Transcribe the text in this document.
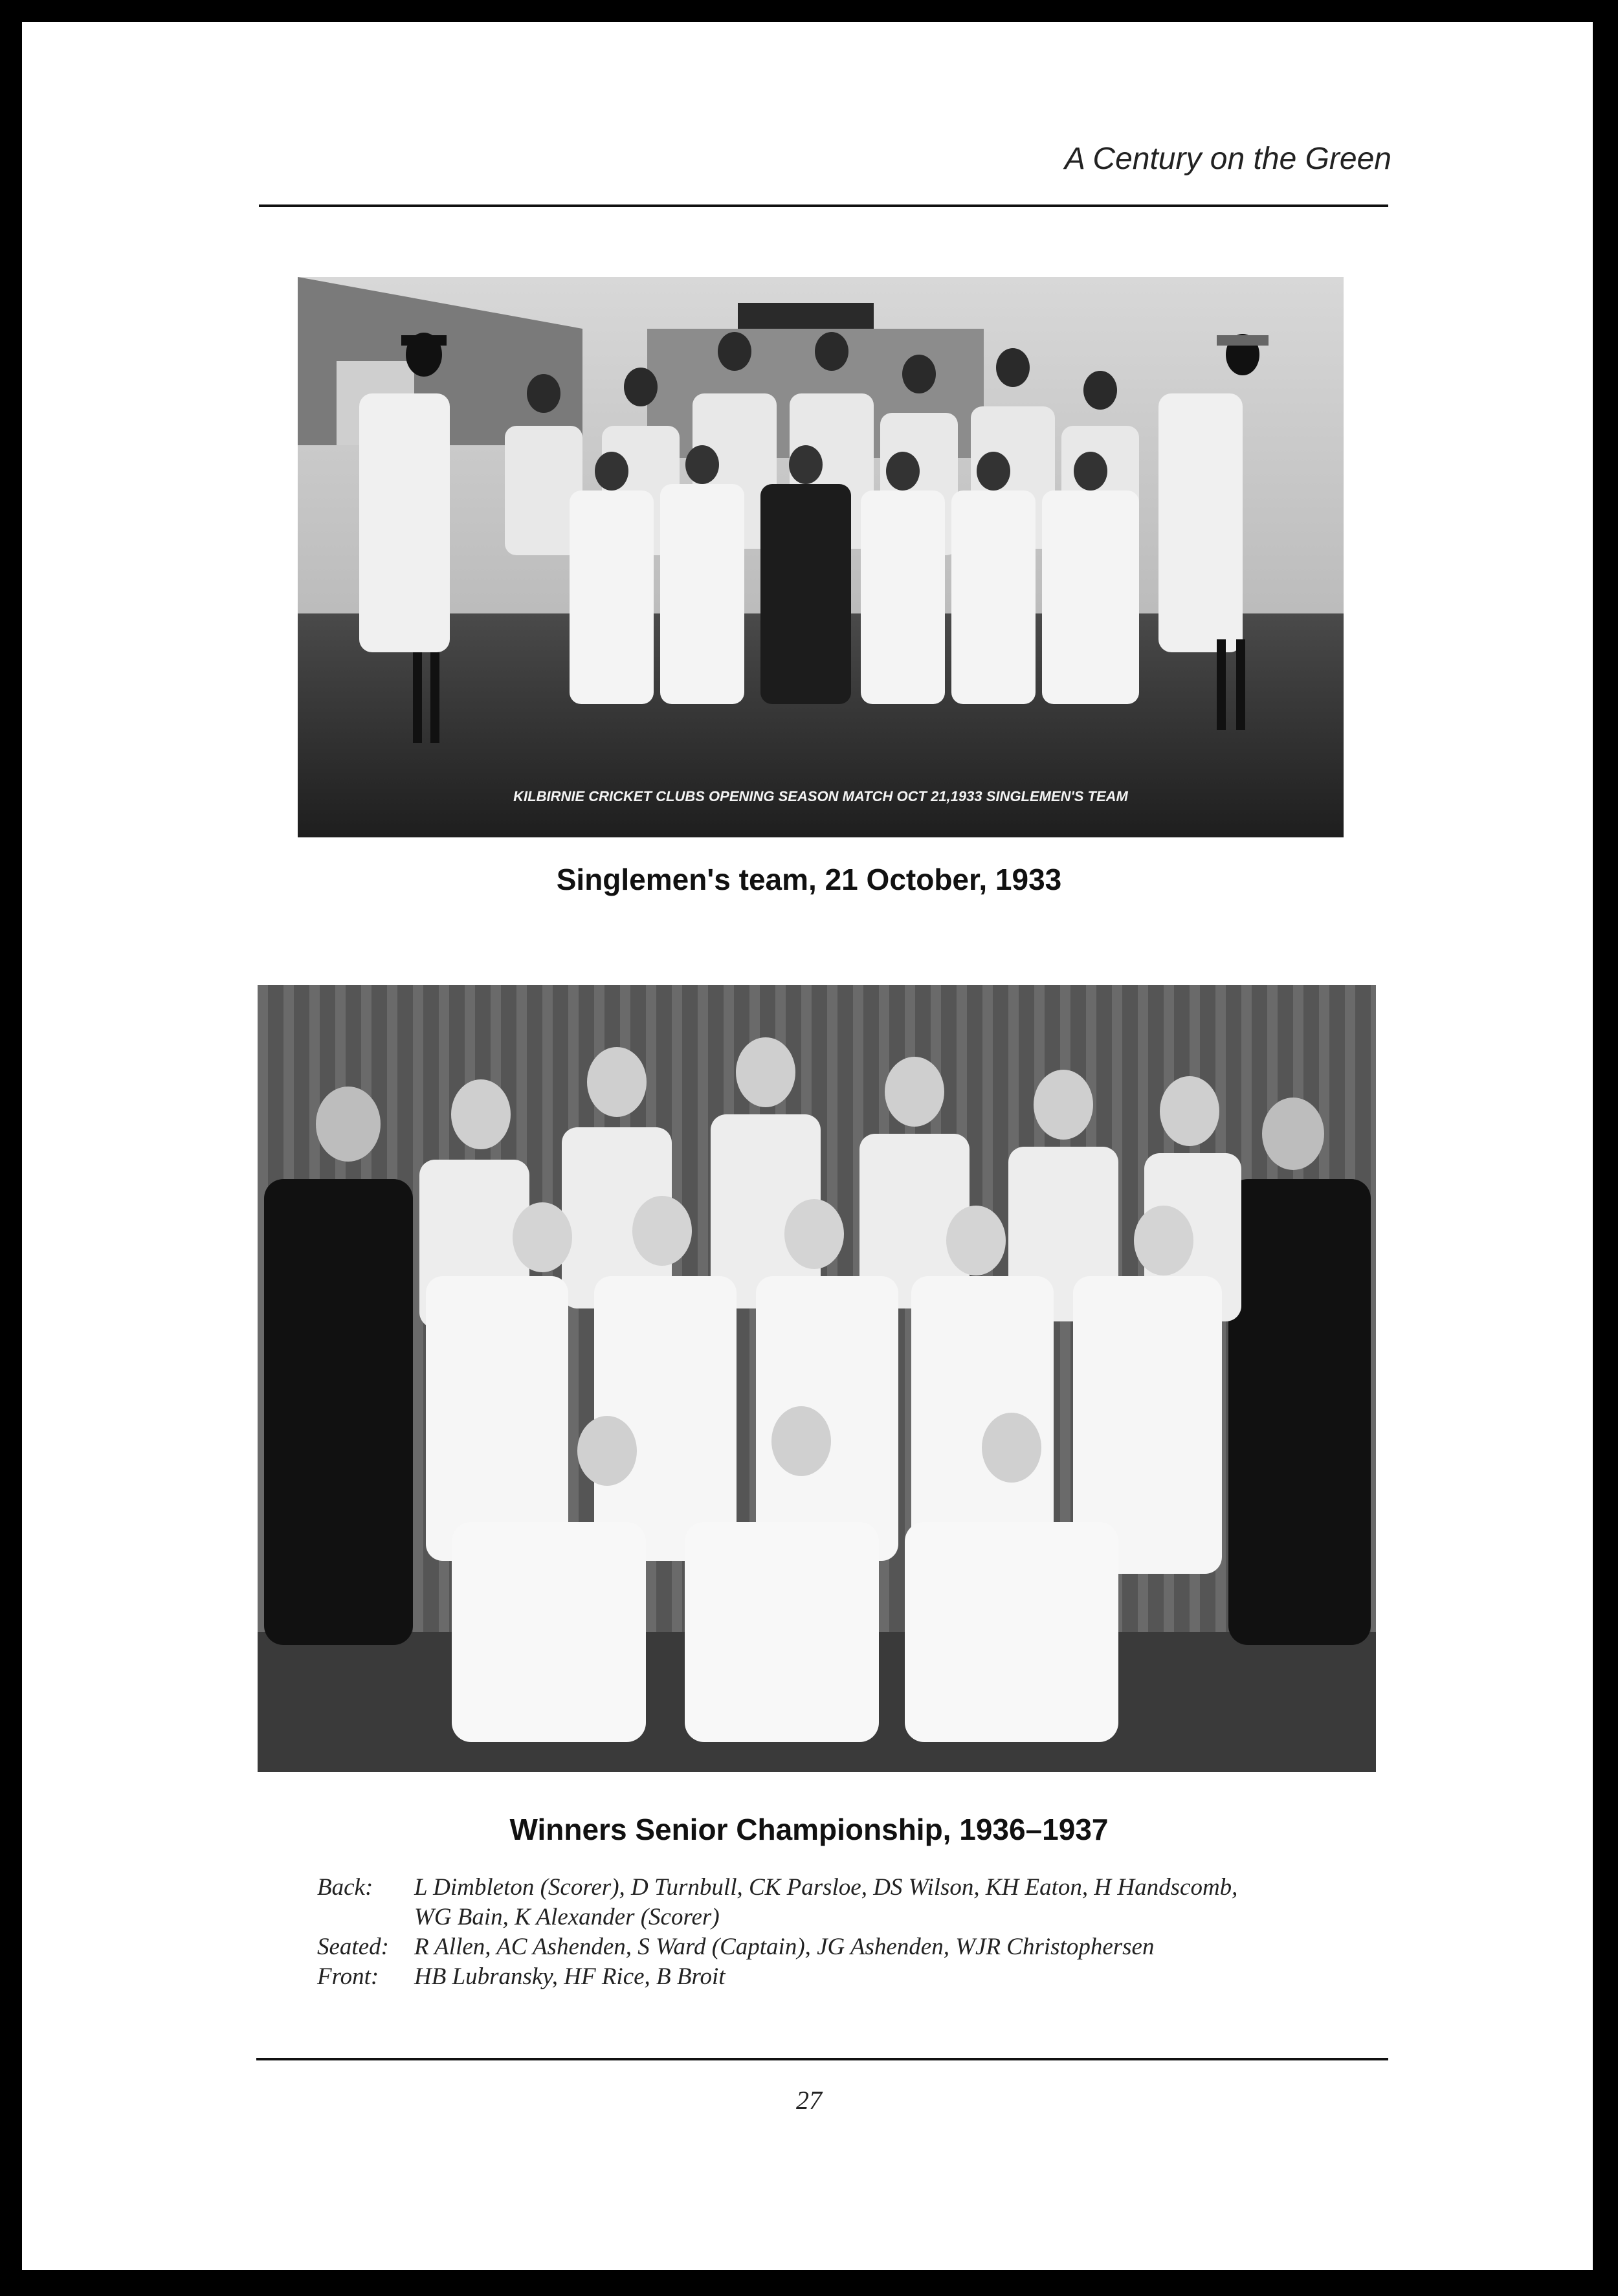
A Century on the Green
KILBIRNIE CRICKET CLUBS OPENING SEASON MATCH OCT 21,1933 SINGLEMEN'S TEAM
Singlemen's team, 21 October, 1933
Winners Senior Championship, 1936–1937
Back:	L Dimbleton (Scorer), D Turnbull, CK Parsloe, DS Wilson, KH Eaton, H Handscomb,
WG Bain, K Alexander (Scorer)
Seated:	R Allen, AC Ashenden, S Ward (Captain), JG Ashenden, WJR Christophersen
Front:	HB Lubransky, HF Rice, B Broit
27
